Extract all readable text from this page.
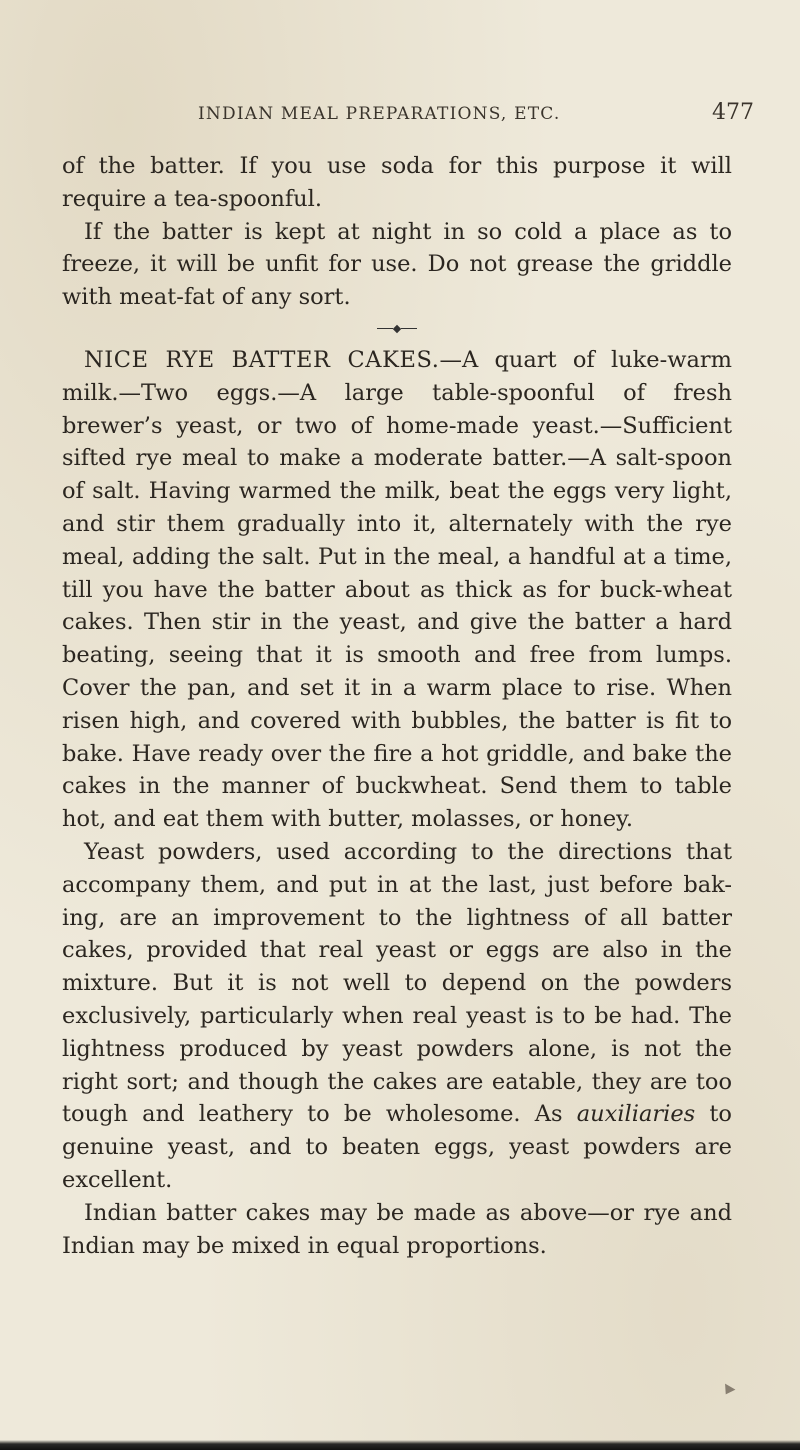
INDIAN MEAL PREPARATIONS, ETC.	477

of the batter. If you use soda for this purpose it will require a tea-spoonful.

If the batter is kept at night in so cold a place as to freeze, it will be unfit for use. Do not grease the griddle with meat-fat of any sort.

NICE RYE BATTER CAKES.—A quart of luke-warm milk.—Two eggs.—A large table-spoonful of fresh brewer’s yeast, or two of home-made yeast.—Sufficient sifted rye meal to make a moderate batter.—A salt-spoon of salt. Having warmed the milk, beat the eggs very light, and stir them gradually into it, alternately with the rye meal, adding the salt. Put in the meal, a handful at a time, till you have the batter about as thick as for buck-wheat cakes. Then stir in the yeast, and give the batter a hard beating, seeing that it is smooth and free from lumps. Cover the pan, and set it in a warm place to rise. When risen high, and covered with bubbles, the batter is fit to bake. Have ready over the fire a hot griddle, and bake the cakes in the manner of buckwheat. Send them to table hot, and eat them with butter, molasses, or honey.

Yeast powders, used according to the directions that accompany them, and put in at the last, just before bak-ing, are an improvement to the lightness of all batter cakes, provided that real yeast or eggs are also in the mixture. But it is not well to depend on the powders exclusively, particularly when real yeast is to be had. The lightness produced by yeast powders alone, is not the right sort; and though the cakes are eatable, they are too tough and leathery to be wholesome. As auxiliaries to genuine yeast, and to beaten eggs, yeast powders are excellent.

Indian batter cakes may be made as above—or rye and Indian may be mixed in equal proportions.
